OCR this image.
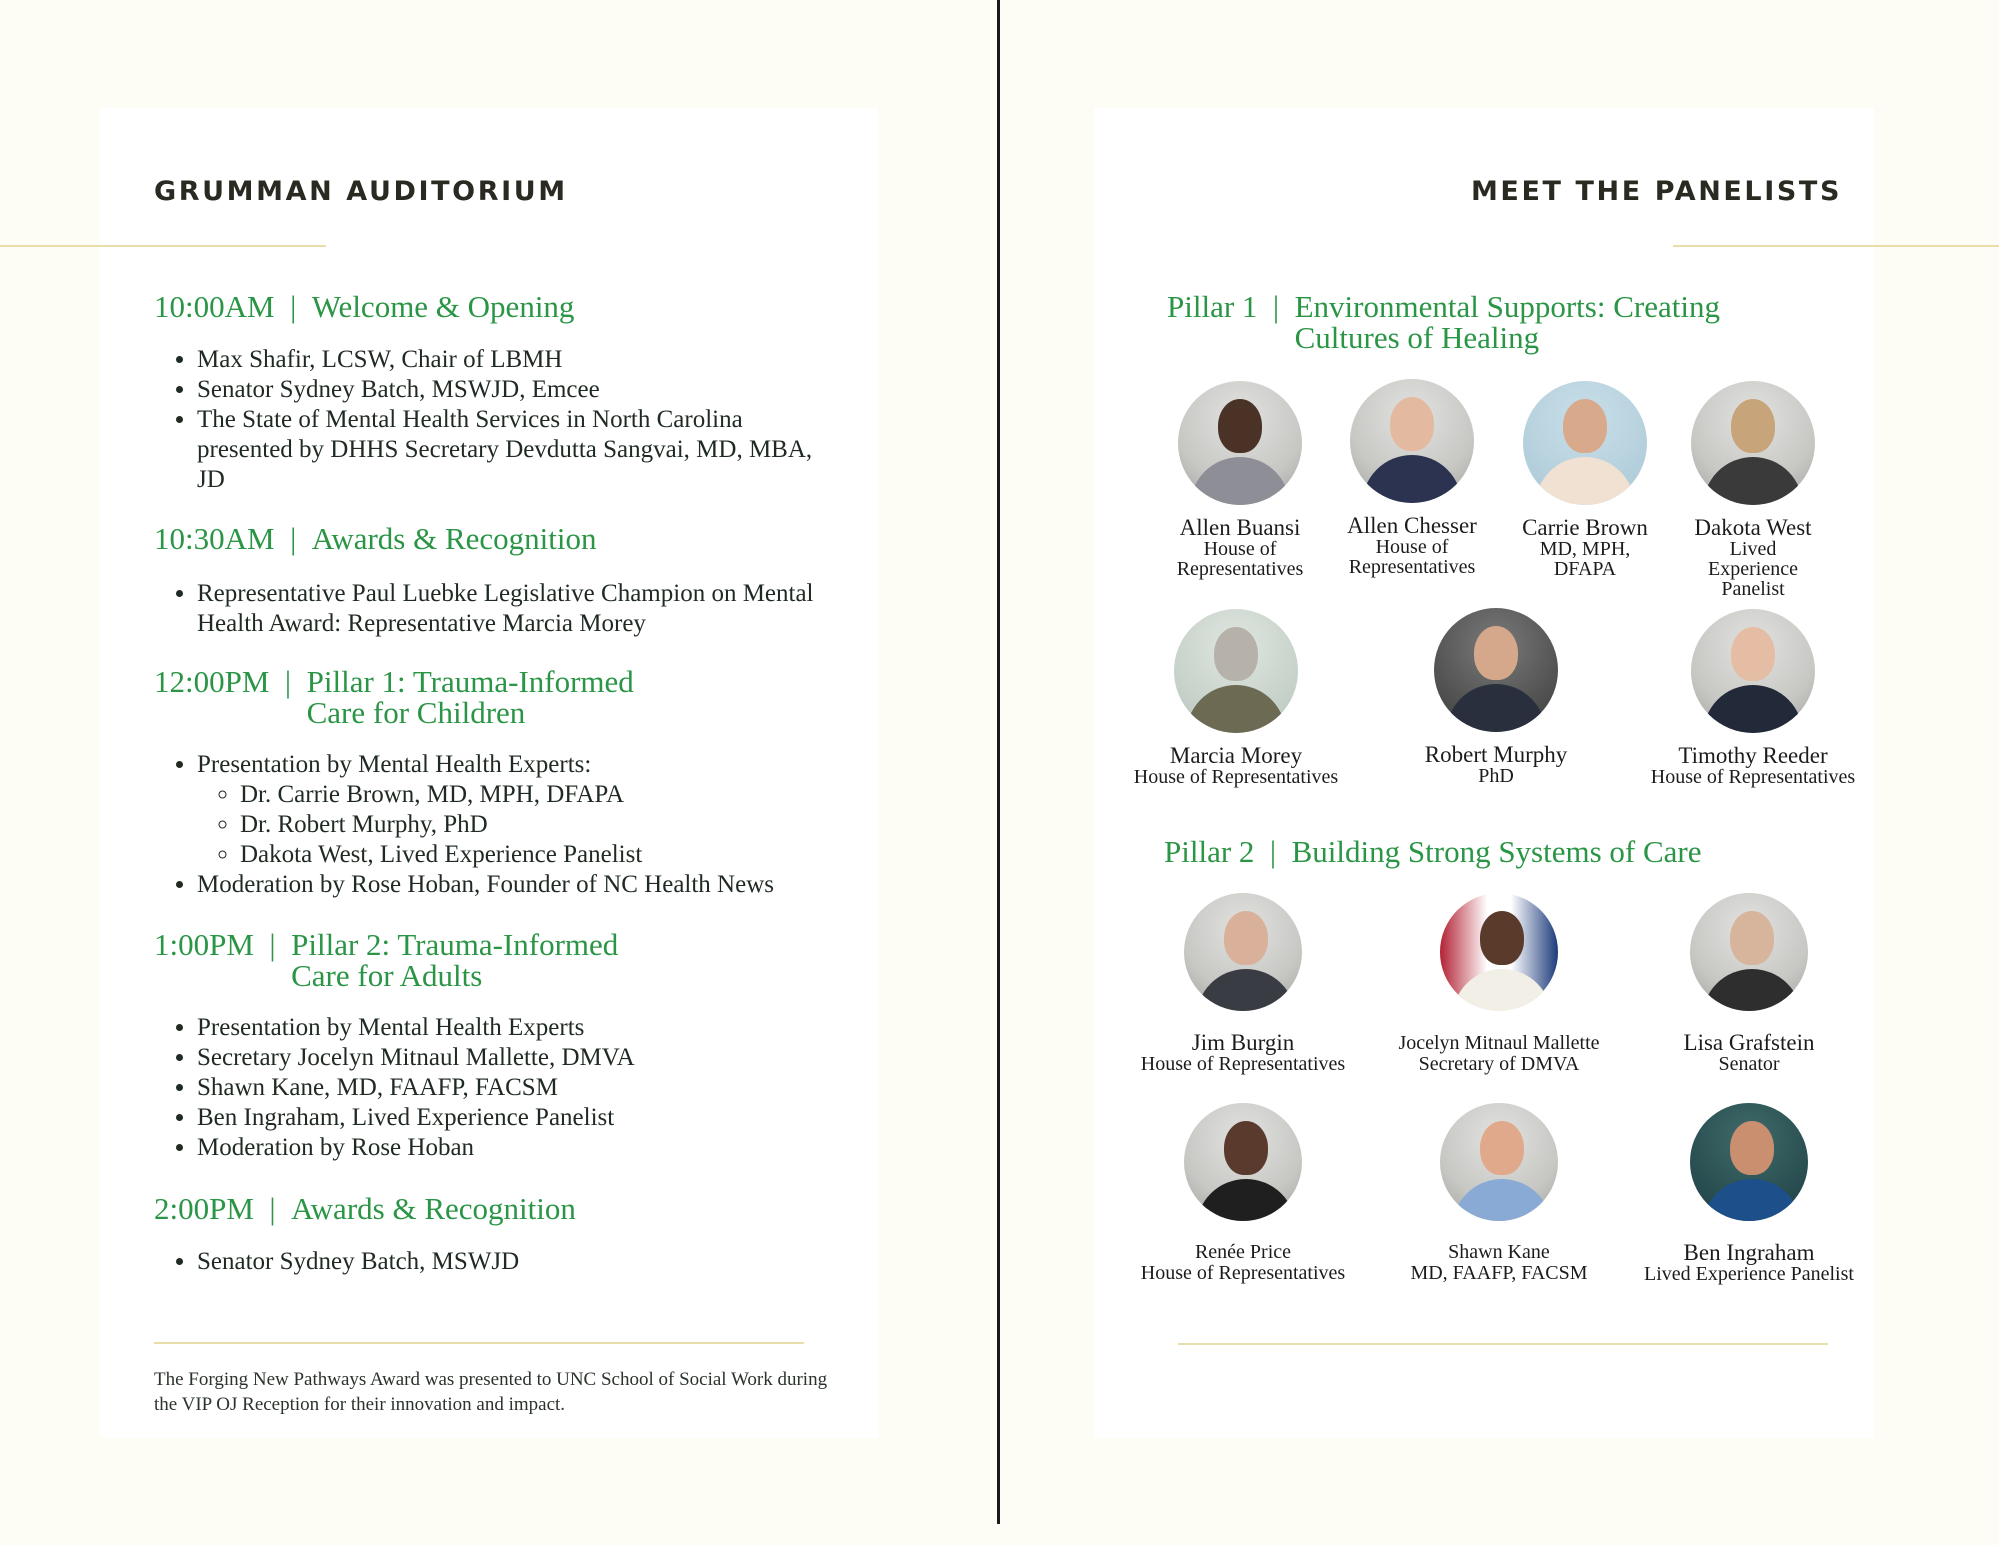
GRUMMAN AUDITORIUM
10:00AM  | Welcome & Opening
• Max Shafir, LCSW, Chair of LBMH
• Senator Sydney Batch, MSWJD, Emcee
• The State of Mental Health Services in North Carolina presented by DHHS Secretary Devdutta Sangvai, MD, MBA, JD
10:30AM  | Awards & Recognition
• Representative Paul Luebke Legislative Champion on Mental Health Award: Representative Marcia Morey
12:00PM  | Pillar 1: Trauma-Informed Care for Children
• Presentation by Mental Health Experts:
◦ Dr. Carrie Brown, MD, MPH, DFAPA
◦ Dr. Robert Murphy, PhD
◦ Dakota West, Lived Experience Panelist
• Moderation by Rose Hoban, Founder of NC Health News
1:00PM  | Pillar 2: Trauma-Informed Care for Adults
• Presentation by Mental Health Experts
• Secretary Jocelyn Mitnaul Mallette, DMVA
• Shawn Kane, MD, FAAFP, FACSM
• Ben Ingraham, Lived Experience Panelist
• Moderation by Rose Hoban
2:00PM  | Awards & Recognition
• Senator Sydney Batch, MSWJD
The Forging New Pathways Award was presented to UNC School of Social Work during the VIP OJ Reception for their innovation and impact.
MEET THE PANELISTS
Pillar 1  | Environmental Supports: Creating Cultures of Healing
Pillar 2  | Building Strong Systems of Care
Allen Buansi
House of Representatives
Allen Chesser
House of Representatives
Carrie Brown
MD, MPH, DFAPA
Dakota West
Lived Experience Panelist
Marcia Morey
House of Representatives
Robert Murphy
PhD
Timothy Reeder
House of Representatives
Jim Burgin
House of Representatives
Jocelyn Mitnaul Mallette
Secretary of DMVA
Lisa Grafstein
Senator
Renée Price
House of Representatives
Shawn Kane
MD, FAAFP, FACSM
Ben Ingraham
Lived Experience Panelist
